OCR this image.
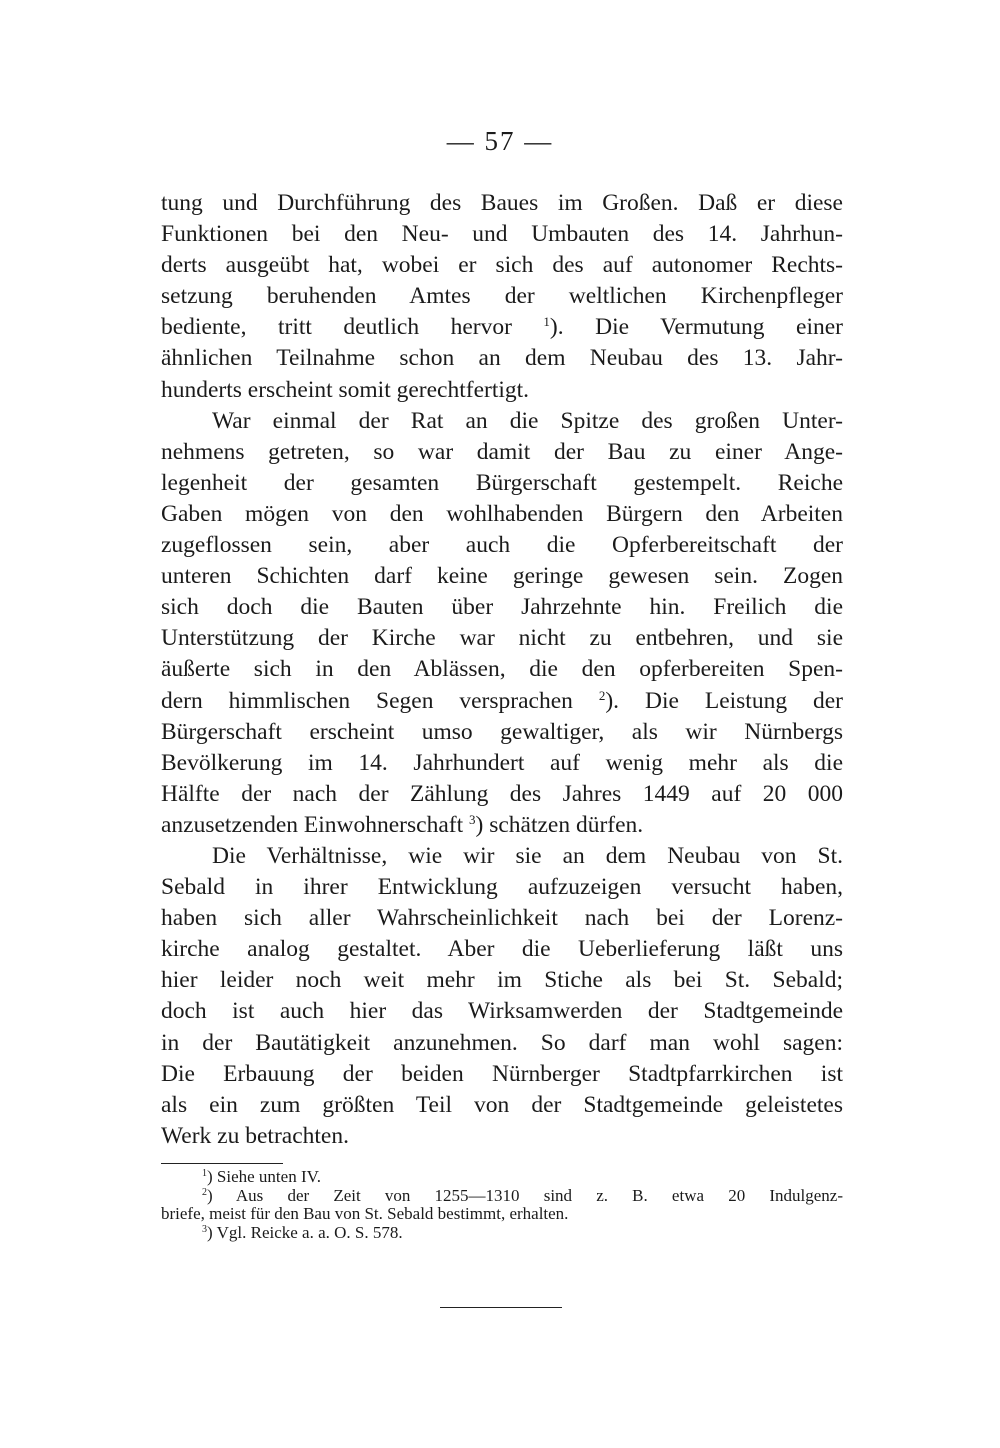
— 57 —
tung und Durchführung des Baues im Großen. Daß er diese
Funktionen bei den Neu- und Umbauten des 14. Jahrhun-
derts ausgeübt hat, wobei er sich des auf autonomer Rechts-
setzung beruhenden Amtes der weltlichen Kirchenpfleger
bediente, tritt deutlich hervor $^1$). Die Vermutung einer
ähnlichen Teilnahme schon an dem Neubau des 13. Jahr-
hunderts erscheint somit gerechtfertigt.
War einmal der Rat an die Spitze des großen Unter-
nehmens getreten, so war damit der Bau zu einer Ange-
legenheit der gesamten Bürgerschaft gestempelt. Reiche
Gaben mögen von den wohlhabenden Bürgern den Arbeiten
zugeflossen sein, aber auch die Opferbereitschaft der
unteren Schichten darf keine geringe gewesen sein. Zogen
sich doch die Bauten über Jahrzehnte hin. Freilich die
Unterstützung der Kirche war nicht zu entbehren, und sie
äußerte sich in den Ablässen, die den opferbereiten Spen-
dern himmlischen Segen versprachen $^2$). Die Leistung der
Bürgerschaft erscheint umso gewaltiger, als wir Nürnbergs
Bevölkerung im 14. Jahrhundert auf wenig mehr als die
Hälfte der nach der Zählung des Jahres 1449 auf 20 000
anzusetzenden Einwohnerschaft $^3$) schätzen dürfen.
Die Verhältnisse, wie wir sie an dem Neubau von St.
Sebald in ihrer Entwicklung aufzuzeigen versucht haben,
haben sich aller Wahrscheinlichkeit nach bei der Lorenz-
kirche analog gestaltet. Aber die Ueberlieferung läßt uns
hier leider noch weit mehr im Stiche als bei St. Sebald;
doch ist auch hier das Wirksamwerden der Stadtgemeinde
in der Bautätigkeit anzunehmen. So darf man wohl sagen:
Die Erbauung der beiden Nürnberger Stadtpfarrkirchen ist
als ein zum größten Teil von der Stadtgemeinde geleistetes
Werk zu betrachten.
$^1$) Siehe unten IV.
$^2$) Aus der Zeit von 1255—1310 sind z. B. etwa 20 Indulgenz-
briefe, meist für den Bau von St. Sebald bestimmt, erhalten.
$^3$) Vgl. Reicke a. a. O. S. 578.
